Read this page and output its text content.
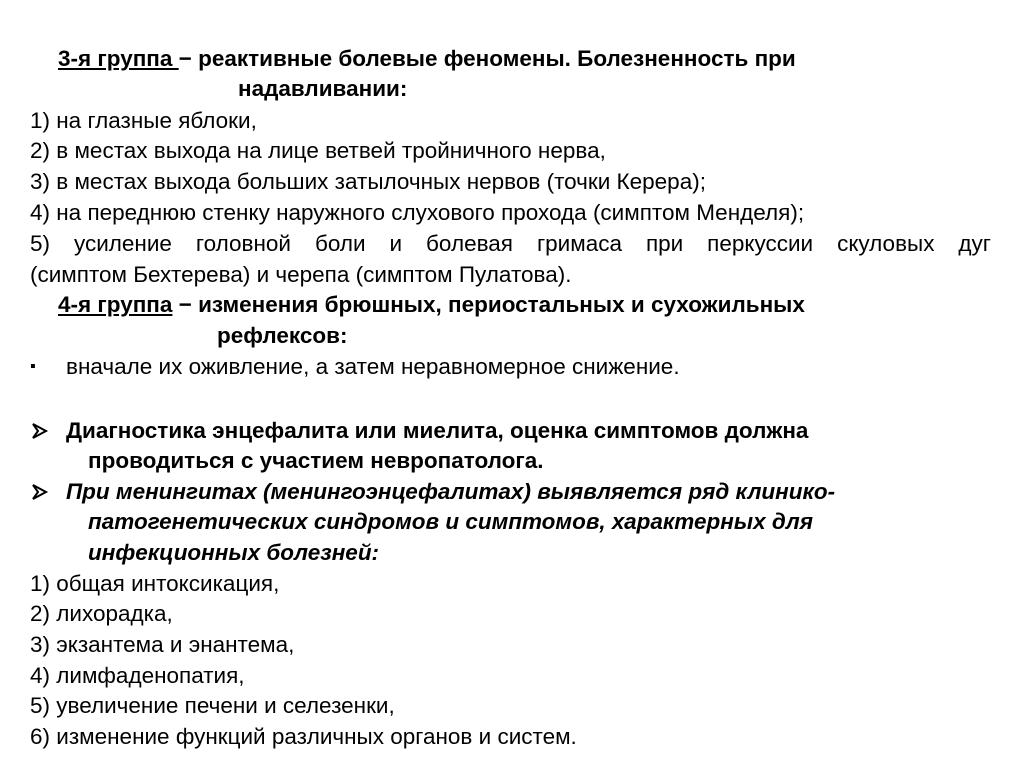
3-я группа − реактивные болевые феномены. Болезненность при
надавливании:
1) на глазные яблоки,
2) в местах выхода на лице ветвей тройничного нерва,
3) в местах выхода больших затылочных нервов (точки Керера);
4) на переднюю стенку наружного слухового прохода (симптом Менделя);
5) усиление головной боли и болевая гримаса при перкуссии скуловых дуг
(симптом Бехтерева) и черепа (симптом Пулатова).
4-я группа − изменения брюшных, периостальных и сухожильных
рефлексов:
▪ вначале их оживление, а затем неравномерное снижение.
Диагностика энцефалита или миелита, оценка симптомов должна
проводиться с участием невропатолога.
При менингитах (менингоэнцефалитах) выявляется ряд клинико-
патогенетических синдромов и симптомов, характерных для
инфекционных болезней:
1) общая интоксикация,
2) лихорадка,
3) экзантема и энантема,
4) лимфаденопатия,
5) увеличение печени и селезенки,
6) изменение функций различных органов и систем.
